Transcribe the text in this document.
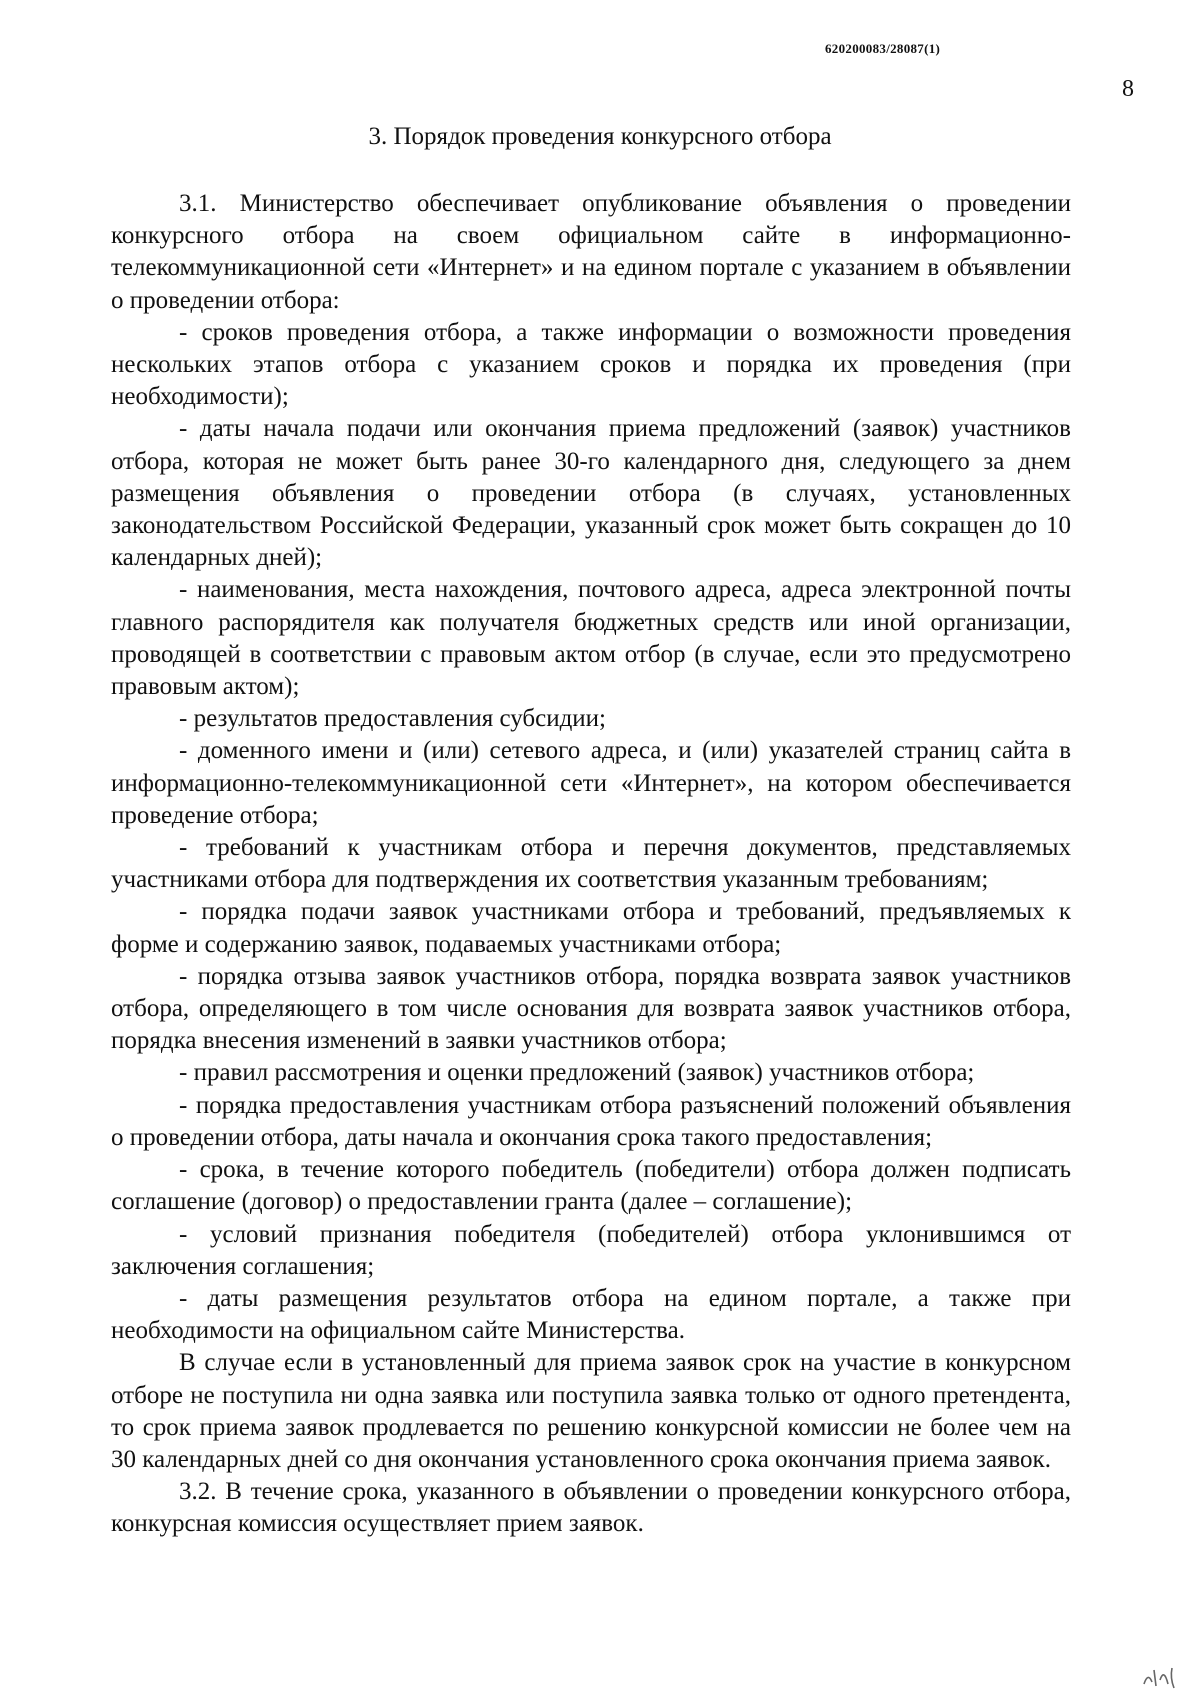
620200083/28087(1)
8
3. Порядок проведения конкурсного отбора

3.1. Министерство обеспечивает опубликование объявления о проведении конкурсного отбора на своем официальном сайте в информационно-телекоммуникационной сети «Интернет» и на едином портале с указанием в объявлении о проведении отбора:

- сроков проведения отбора, а также информации о возможности проведения нескольких этапов отбора с указанием сроков и порядка их проведения (при необходимости);

- даты начала подачи или окончания приема предложений (заявок) участников отбора, которая не может быть ранее 30-го календарного дня, следующего за днем размещения объявления о проведении отбора (в случаях, установленных законодательством Российской Федерации, указанный срок может быть сокращен до 10 календарных дней);

- наименования, места нахождения, почтового адреса, адреса электронной почты главного распорядителя как получателя бюджетных средств или иной организации, проводящей в соответствии с правовым актом отбор (в случае, если это предусмотрено правовым актом);

- результатов предоставления субсидии;

- доменного имени и (или) сетевого адреса, и (или) указателей страниц сайта в информационно-телекоммуникационной сети «Интернет», на котором обеспечивается проведение отбора;

- требований к участникам отбора и перечня документов, представляемых участниками отбора для подтверждения их соответствия указанным требованиям;

- порядка подачи заявок участниками отбора и требований, предъявляемых к форме и содержанию заявок, подаваемых участниками отбора;

- порядка отзыва заявок участников отбора, порядка возврата заявок участников отбора, определяющего в том числе основания для возврата заявок участников отбора, порядка внесения изменений в заявки участников отбора;

- правил рассмотрения и оценки предложений (заявок) участников отбора;

- порядка предоставления участникам отбора разъяснений положений объявления о проведении отбора, даты начала и окончания срока такого предоставления;

- срока, в течение которого победитель (победители) отбора должен подписать соглашение (договор) о предоставлении гранта (далее – соглашение);

- условий признания победителя (победителей) отбора уклонившимся от заключения соглашения;

- даты размещения результатов отбора на едином портале, а также при необходимости на официальном сайте Министерства.

В случае если в установленный для приема заявок срок на участие в конкурсном отборе не поступила ни одна заявка или поступила заявка только от одного претендента, то срок приема заявок продлевается по решению конкурсной комиссии не более чем на 30 календарных дней со дня окончания установленного срока окончания приема заявок.

3.2. В течение срока, указанного в объявлении о проведении конкурсного отбора, конкурсная комиссия осуществляет прием заявок.
